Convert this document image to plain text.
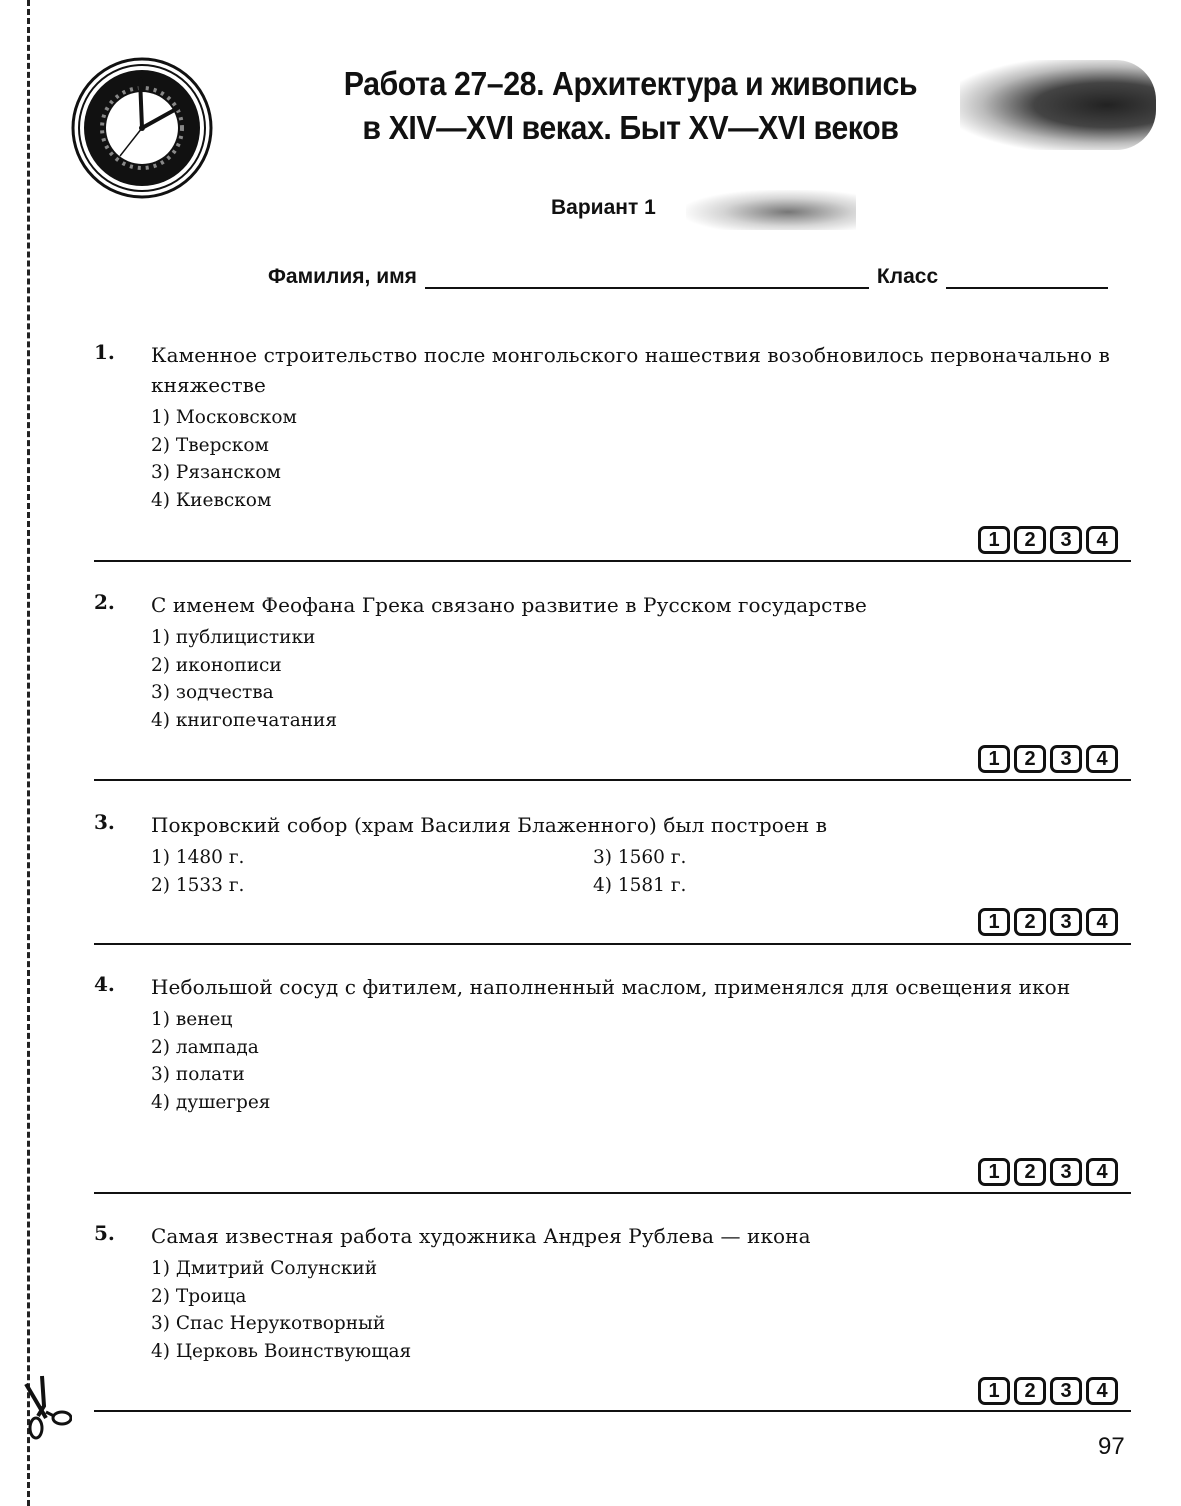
Работа 27–28. Архитектура и живопись
в XIV—XVI веках. Быт XV—XVI веков
Вариант 1
Фамилия, имя	Класс
1. Каменное строительство после монгольского нашествия возобновилось первоначально в княжестве
1) Московском
2) Тверском
3) Рязанском
4) Киевском
1	2	3	4
2. С именем Феофана Грека связано развитие в Русском государстве
1) публицистики
2) иконописи
3) зодчества
4) книгопечатания
1	2	3	4
3. Покровский собор (храм Василия Блаженного) был построен в
1) 1480 г.
2) 1533 г.
3) 1560 г.
4) 1581 г.
1	2	3	4
4. Небольшой сосуд с фитилем, наполненный маслом, применялся для освещения икон
1) венец
2) лампада
3) полати
4) душегрея
1	2	3	4
5. Самая известная работа художника Андрея Рублева — икона
1) Дмитрий Солунский
2) Троица
3) Спас Нерукотворный
4) Церковь Воинствующая
1	2	3	4
97
